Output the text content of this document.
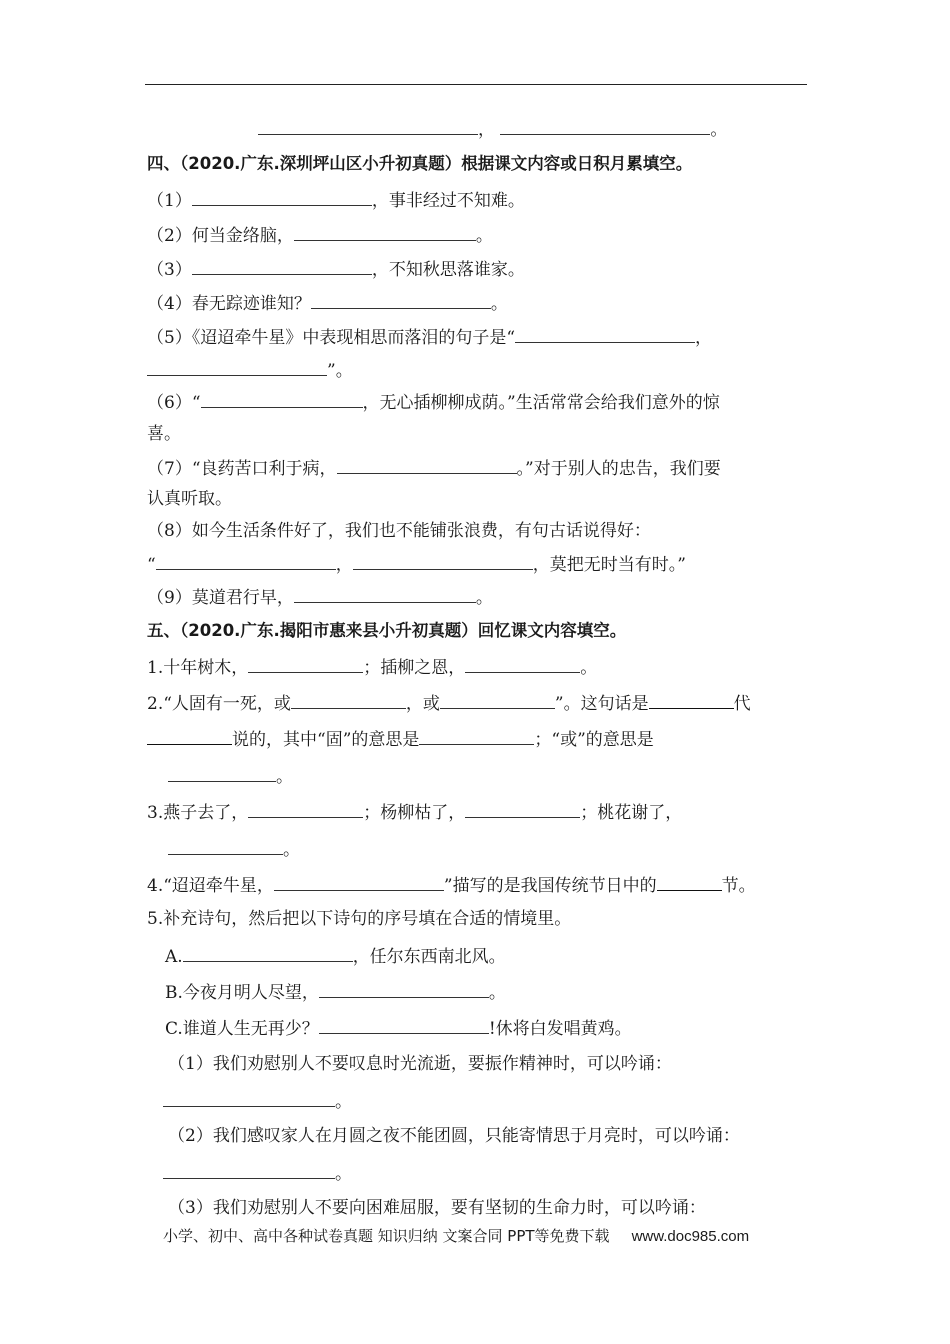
，	。
四、（2020.广东.深圳坪山区小升初真题）根据课文内容或日积月累填空。
（1）	，事非经过不知难。
（2）何当金络脑，	。
（3）	，不知秋思落谁家。
（4）春无踪迹谁知？	。
（5）《迢迢牵牛星》中表现相思而落泪的句子是“	，
”。
（6）“	，无心插柳柳成荫。”生活常常会给我们意外的惊
喜。
（7）“良药苦口利于病，	。”对于别人的忠告，我们要
认真听取。
（8）如今生活条件好了，我们也不能铺张浪费，有句古话说得好：
“	，	，莫把无时当有时。”
（9）莫道君行早，	。
五、（2020.广东.揭阳市惠来县小升初真题）回忆课文内容填空。
1.十年树木，	；插柳之恩，	。
2.“人固有一死，或	，或	”。这句话是	代
说的，其中“固”的意思是	；“或”的意思是
。
3.燕子去了，	；杨柳枯了，	；桃花谢了，
。
4.“迢迢牵牛星，	”描写的是我国传统节日中的	节。
5.补充诗句，然后把以下诗句的序号填在合适的情境里。
A.	，任尔东西南北风。
B.今夜月明人尽望，	。
C.谁道人生无再少？	!休将白发唱黄鸡。
（1）我们劝慰别人不要叹息时光流逝，要振作精神时，可以吟诵：
。
（2）我们感叹家人在月圆之夜不能团圆，只能寄情思于月亮时，可以吟诵：
。
（3）我们劝慰别人不要向困难屈服，要有坚韧的生命力时，可以吟诵：
小学、初中、高中各种试卷真题 知识归纳 文案合同 PPT等免费下载 www.doc985.com
